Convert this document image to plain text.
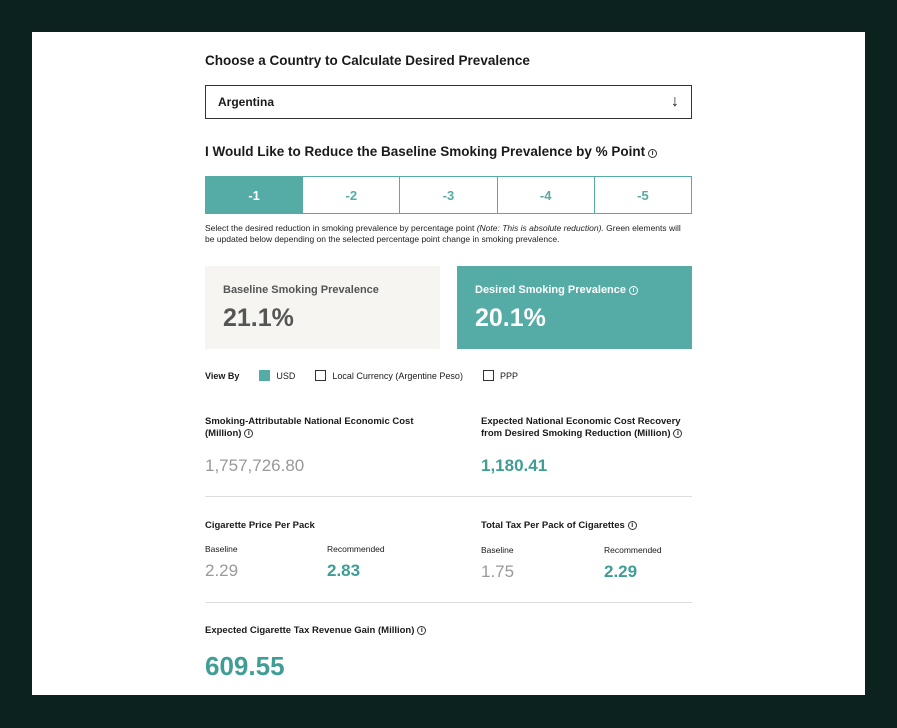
Choose a Country to Calculate Desired Prevalence
Argentina	↓
I Would Like to Reduce the Baseline Smoking Prevalence by % Point i
-1	-2	-3	-4	-5
Select the desired reduction in smoking prevalence by percentage point (Note: This is absolute reduction). Green elements will be updated below depending on the selected percentage point change in smoking prevalence.
Baseline Smoking Prevalence
21.1%
Desired Smoking Prevalence i
20.1%
View By	USD	Local Currency (Argentine Peso)	PPP
Smoking-Attributable National Economic Cost (Million) i
1,757,726.80
Expected National Economic Cost Recovery from Desired Smoking Reduction (Million) i
1,180.41
Cigarette Price Per Pack
Baseline
2.29
Recommended
2.83
Total Tax Per Pack of Cigarettes i
Baseline
1.75
Recommended
2.29
Expected Cigarette Tax Revenue Gain (Million) i
609.55
